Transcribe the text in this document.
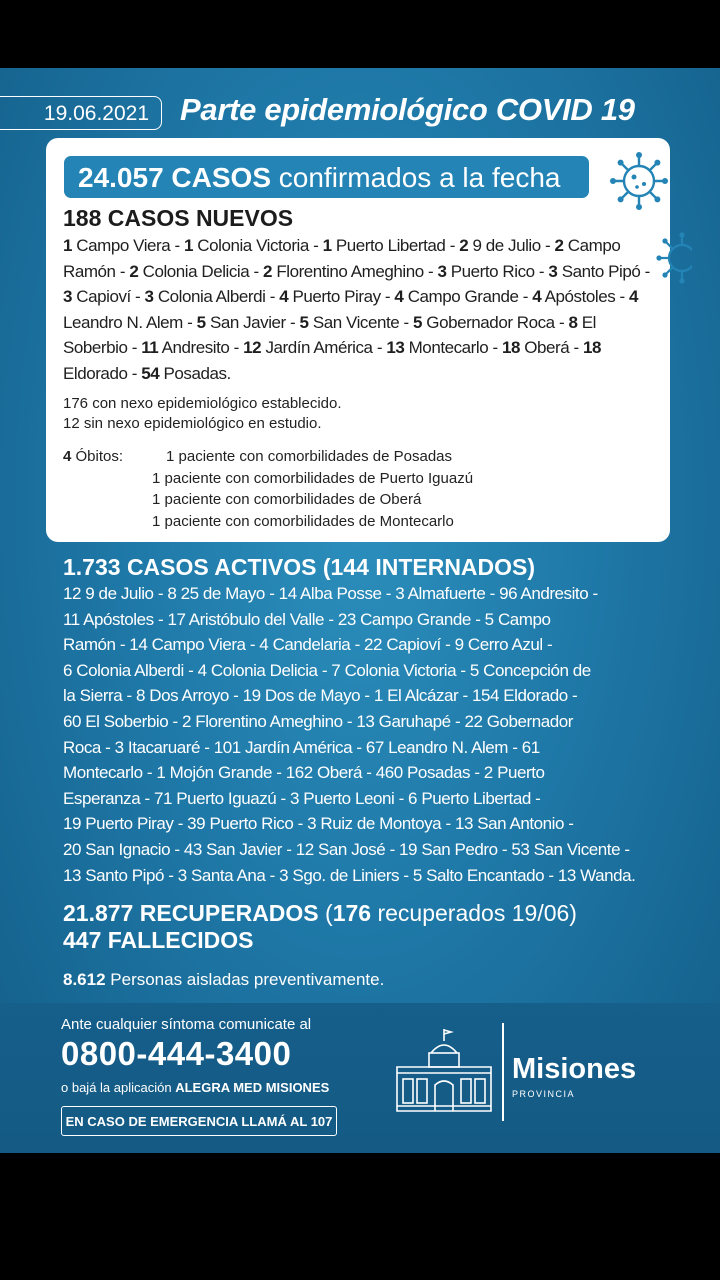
19.06.2021	Parte epidemiológico COVID 19
24.057 CASOS confirmados a la fecha
188 CASOS NUEVOS
1 Campo Viera - 1 Colonia Victoria - 1 Puerto Libertad - 2 9 de Julio - 2 Campo Ramón - 2 Colonia Delicia - 2 Florentino Ameghino - 3 Puerto Rico - 3 Santo Pipó - 3 Capioví - 3 Colonia Alberdi - 4 Puerto Piray - 4 Campo Grande - 4 Apóstoles - 4 Leandro N. Alem - 5 San Javier - 5 San Vicente - 5 Gobernador Roca - 8 El Soberbio - 11 Andresito - 12 Jardín América - 13 Montecarlo - 18 Oberá - 18 Eldorado - 54 Posadas.
176 con nexo epidemiológico establecido.
12 sin nexo epidemiológico en estudio.
4 Óbitos:	1 paciente con comorbilidades de Posadas
1 paciente con comorbilidades de Puerto Iguazú
1 paciente con comorbilidades de Oberá
1 paciente con comorbilidades de Montecarlo
1.733 CASOS ACTIVOS (144 INTERNADOS)
12 9 de Julio - 8 25 de Mayo - 14 Alba Posse - 3 Almafuerte - 96 Andresito -
11 Apóstoles - 17 Aristóbulo del Valle - 23 Campo Grande - 5 Campo
Ramón - 14 Campo Viera - 4 Candelaria - 22 Capioví - 9 Cerro Azul -
6 Colonia Alberdi - 4 Colonia Delicia - 7 Colonia Victoria - 5 Concepción de
la Sierra - 8 Dos Arroyo - 19 Dos de Mayo - 1 El Alcázar - 154 Eldorado -
60 El Soberbio - 2 Florentino Ameghino - 13 Garuhapé - 22 Gobernador
Roca - 3 Itacaruaré - 101 Jardín América - 67 Leandro N. Alem - 61
Montecarlo - 1 Mojón Grande - 162 Oberá - 460 Posadas - 2 Puerto
Esperanza - 71 Puerto Iguazú - 3 Puerto Leoni - 6 Puerto Libertad -
19 Puerto Piray - 39 Puerto Rico - 3 Ruiz de Montoya - 13 San Antonio -
20 San Ignacio - 43 San Javier - 12 San José - 19 San Pedro - 53 San Vicente -
13 Santo Pipó - 3 Santa Ana - 3 Sgo. de Liniers - 5 Salto Encantado - 13 Wanda.
21.877 RECUPERADOS (176 recuperados 19/06)
447 FALLECIDOS
8.612 Personas aisladas preventivamente.
Ante cualquier síntoma comunicate al
0800-444-3400
o bajá la aplicación ALEGRA MED MISIONES
EN CASO DE EMERGENCIA LLAMÁ AL 107
Misiones
PROVINCIA
